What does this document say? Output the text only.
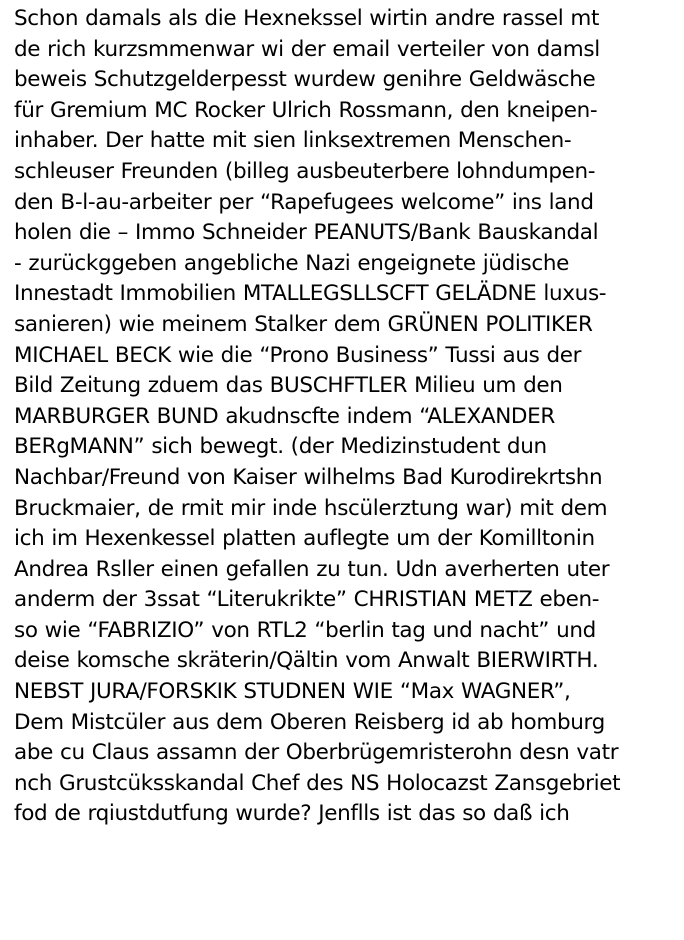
Schon damals als die Hexnekssel wirtin andre rassel mt
de rich kurzsmmenwar wi der email verteiler von damsl
beweis Schutzgelderpesst wurdew genihre Geldwäsche
für Gremium MC Rocker Ulrich Rossmann, den kneipen-
inhaber. Der hatte mit sien linksextremen Menschen-
schleuser Freunden (billeg ausbeuterbere lohndumpen-
den B-l-au-arbeiter per “Rapefugees welcome” ins land
holen die – Immo Schneider PEANUTS/Bank Bauskandal
- zurückggeben angebliche Nazi engeignete jüdische
Innestadt Immobilien MTALLEGSLLSCFT GELÄDNE luxus-
sanieren) wie meinem Stalker dem GRÜNEN POLITIKER
MICHAEL BECK wie die “Prono Business” Tussi aus der
Bild Zeitung zduem das BUSCHFTLER Milieu um den
MARBURGER BUND akudnscfte indem “ALEXANDER
BERgMANN” sich bewegt. (der Medizinstudent dun
Nachbar/Freund von Kaiser wilhelms Bad Kurodirekrtshn
Bruckmaier, de rmit mir inde hscülerztung war) mit dem
ich im Hexenkessel platten auflegte um der Komilltonin
Andrea Rsller einen gefallen zu tun. Udn averherten uter
anderm der 3ssat “Literukrikte” CHRISTIAN METZ eben-
so wie “FABRIZIO” von RTL2 “berlin tag und nacht” und
deise komsche skräterin/Qältin vom Anwalt BIERWIRTH.
NEBST JURA/FORSKIK STUDNEN WIE “Max WAGNER”,
Dem Mistcüler aus dem Oberen Reisberg id ab homburg
abe cu Claus assamn der Oberbrügemristerohn desn vatr
nch Grustcüksskandal Chef des NS Holocazst Zansgebriet
fod de rqiustdutfung wurde? Jenflls ist das so daß ich
